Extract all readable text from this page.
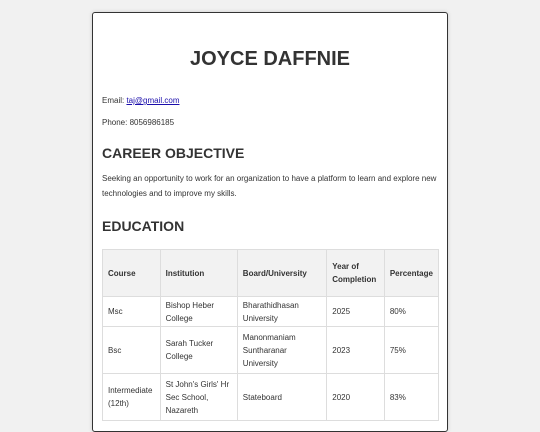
JOYCE DAFFNIE

Email: taj@gmail.com

Phone: 8056986185

CAREER OBJECTIVE

Seeking an opportunity to work for an organization to have a platform to learn and explore new technologies and to improve my skills.

EDUCATION
Course	Institution	Board/University	Year of Completion	Percentage
Msc	Bishop Heber College	Bharathidhasan University	2025	80%
Bsc	Sarah Tucker College	Manonmaniam Suntharanar University	2023	75%
Intermediate (12th)	St John's Girls' Hr Sec School, Nazareth	Stateboard	2020	83%
